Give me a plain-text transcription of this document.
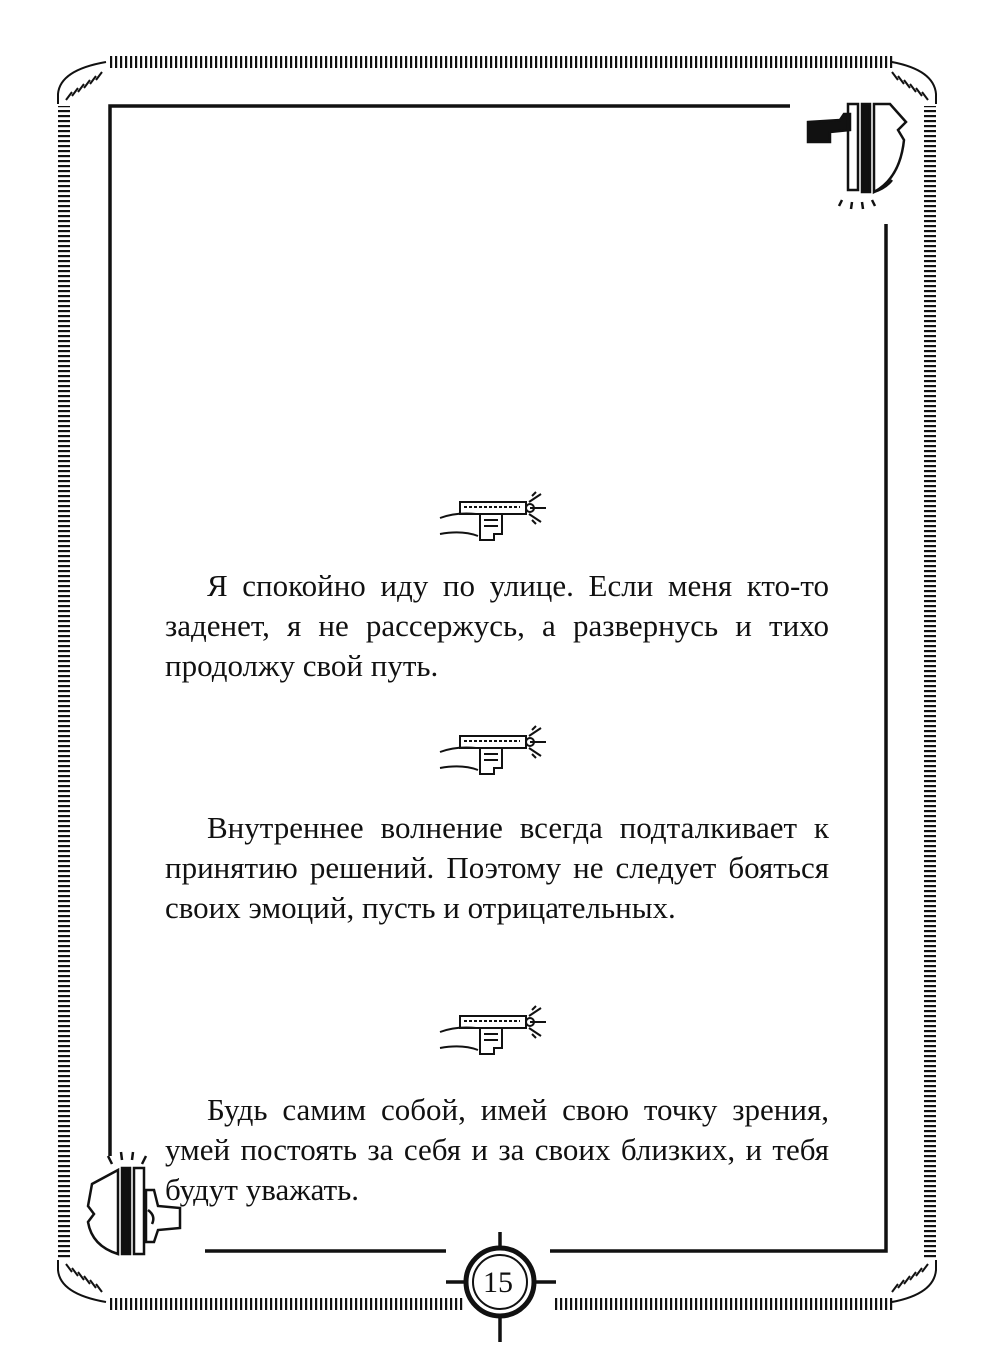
Я спокойно иду по улице. Если меня кто-то заденет, я не рассержусь, а развернусь и тихо продолжу свой путь.

Внутреннее волнение всегда подталкивает к принятию решений. Поэтому не следует бояться своих эмоций, пусть и отрицательных.

Будь самим собой, имей свою точку зрения, умей постоять за себя и за своих близких, и тебя будут уважать.

15
